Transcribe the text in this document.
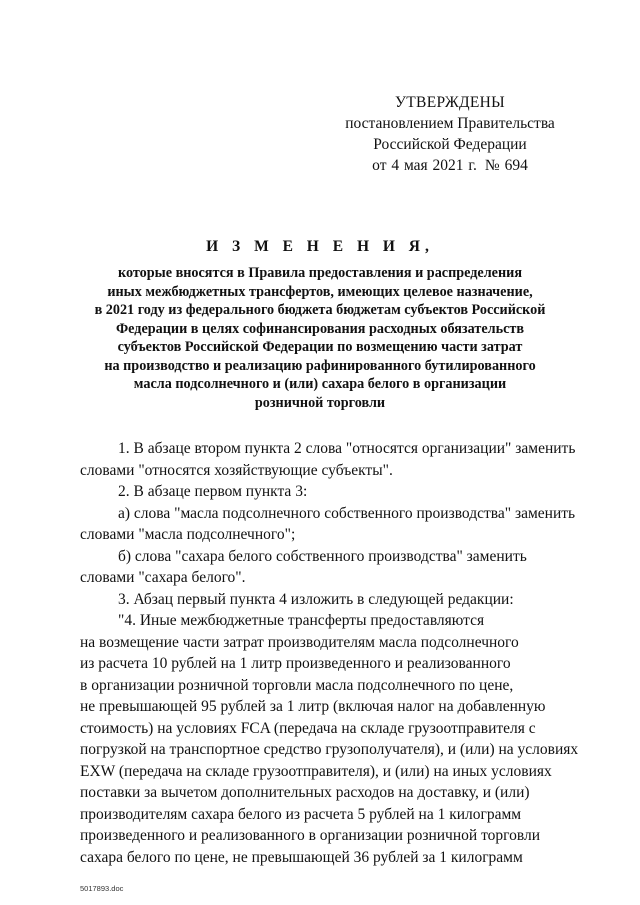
УТВЕРЖДЕНЫ
постановлением Правительства
Российской Федерации
от 4 мая 2021 г. № 694
И З М Е Н Е Н И Я,
которые вносятся в Правила предоставления и распределения
иных межбюджетных трансфертов, имеющих целевое назначение,
в 2021 году из федерального бюджета бюджетам субъектов Российской
Федерации в целях софинансирования расходных обязательств
субъектов Российской Федерации по возмещению части затрат
на производство и реализацию рафинированного бутилированного
масла подсолнечного и (или) сахара белого в организации
розничной торговли
1. В абзаце втором пункта 2 слова "относятся организации" заменить
словами "относятся хозяйствующие субъекты".
2. В абзаце первом пункта 3:
а) слова "масла подсолнечного собственного производства" заменить
словами "масла подсолнечного";
б) слова "сахара белого собственного производства" заменить
словами "сахара белого".
3. Абзац первый пункта 4 изложить в следующей редакции:
"4. Иные межбюджетные трансферты предоставляются
на возмещение части затрат производителям масла подсолнечного
из расчета 10 рублей на 1 литр произведенного и реализованного
в организации розничной торговли масла подсолнечного по цене,
не превышающей 95 рублей за 1 литр (включая налог на добавленную
стоимость) на условиях FCA (передача на складе грузоотправителя с
погрузкой на транспортное средство грузополучателя), и (или) на условиях
EXW (передача на складе грузоотправителя), и (или) на иных условиях
поставки за вычетом дополнительных расходов на доставку, и (или)
производителям сахара белого из расчета 5 рублей на 1 килограмм
произведенного и реализованного в организации розничной торговли
сахара белого по цене, не превышающей 36 рублей за 1 килограмм
5017893.doc
